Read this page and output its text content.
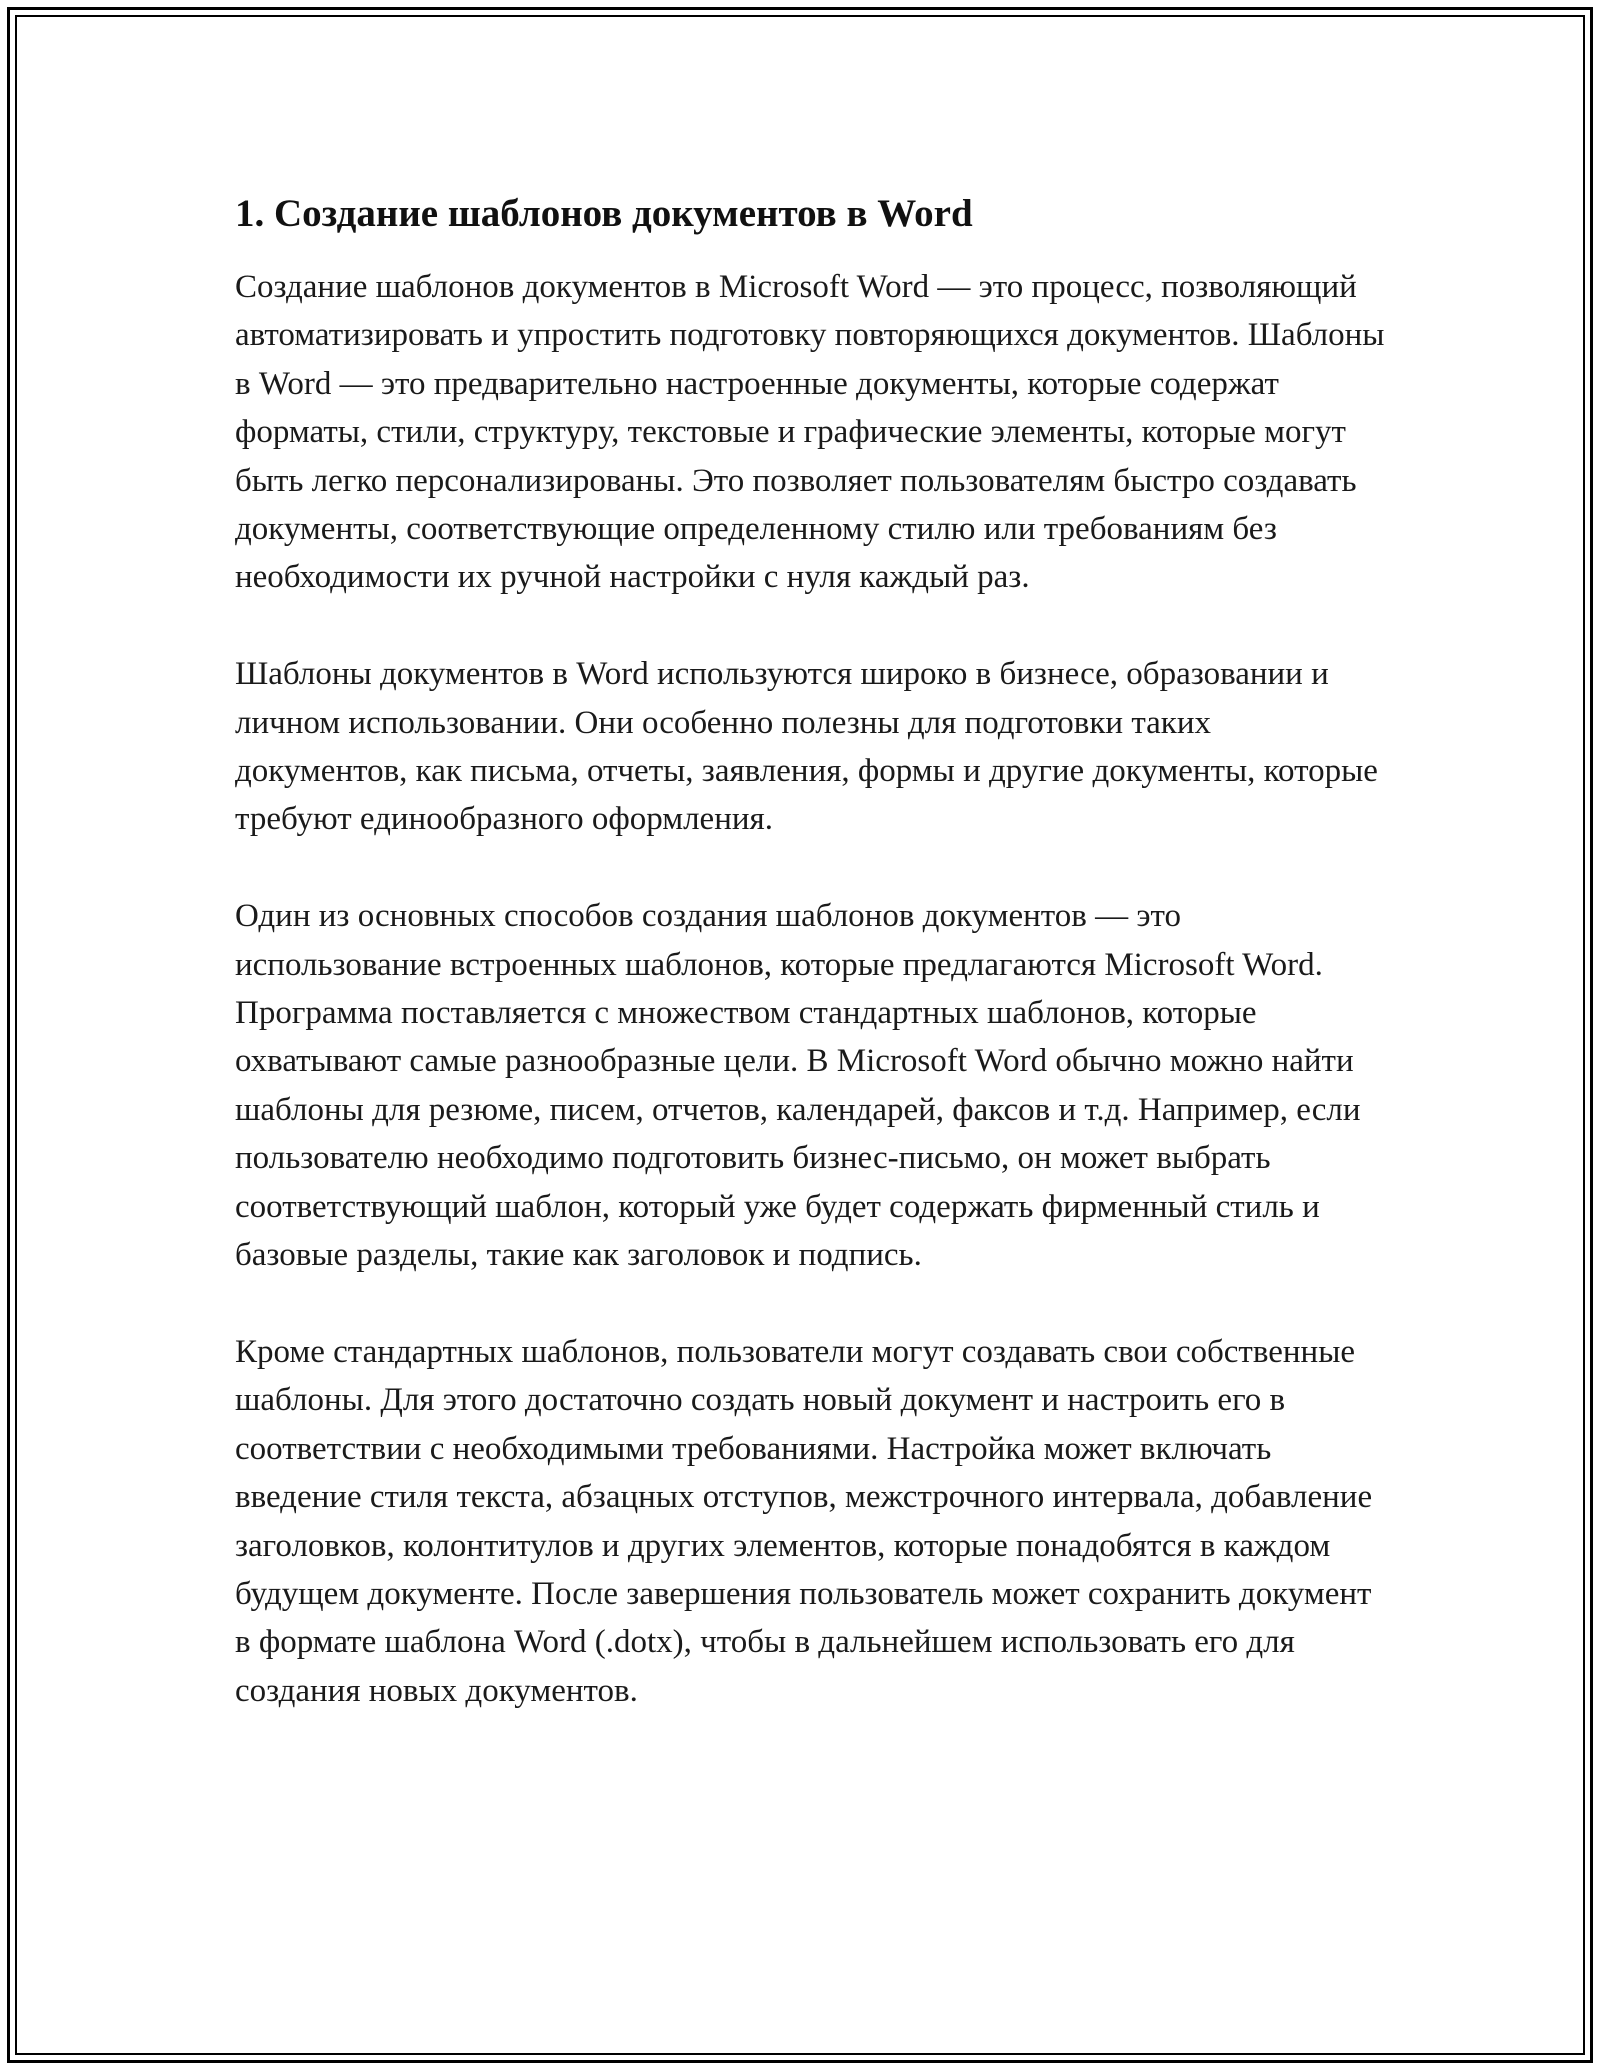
1. Создание шаблонов документов в Word

Создание шаблонов документов в Microsoft Word — это процесс, позволяющий автоматизировать и упростить подготовку повторяющихся документов. Шаблоны в Word — это предварительно настроенные документы, которые содержат форматы, стили, структуру, текстовые и графические элементы, которые могут быть легко персонализированы. Это позволяет пользователям быстро создавать документы, соответствующие определенному стилю или требованиям без необходимости их ручной настройки с нуля каждый раз.

Шаблоны документов в Word используются широко в бизнесе, образовании и личном использовании. Они особенно полезны для подготовки таких документов, как письма, отчеты, заявления, формы и другие документы, которые требуют единообразного оформления.

Один из основных способов создания шаблонов документов — это использование встроенных шаблонов, которые предлагаются Microsoft Word. Программа поставляется с множеством стандартных шаблонов, которые охватывают самые разнообразные цели. В Microsoft Word обычно можно найти шаблоны для резюме, писем, отчетов, календарей, факсов и т.д. Например, если пользователю необходимо подготовить бизнес-письмо, он может выбрать соответствующий шаблон, который уже будет содержать фирменный стиль и базовые разделы, такие как заголовок и подпись.

Кроме стандартных шаблонов, пользователи могут создавать свои собственные шаблоны. Для этого достаточно создать новый документ и настроить его в соответствии с необходимыми требованиями. Настройка может включать введение стиля текста, абзацных отступов, межстрочного интервала, добавление заголовков, колонтитулов и других элементов, которые понадобятся в каждом будущем документе. После завершения пользователь может сохранить документ в формате шаблона Word (.dotx), чтобы в дальнейшем использовать его для создания новых документов.
